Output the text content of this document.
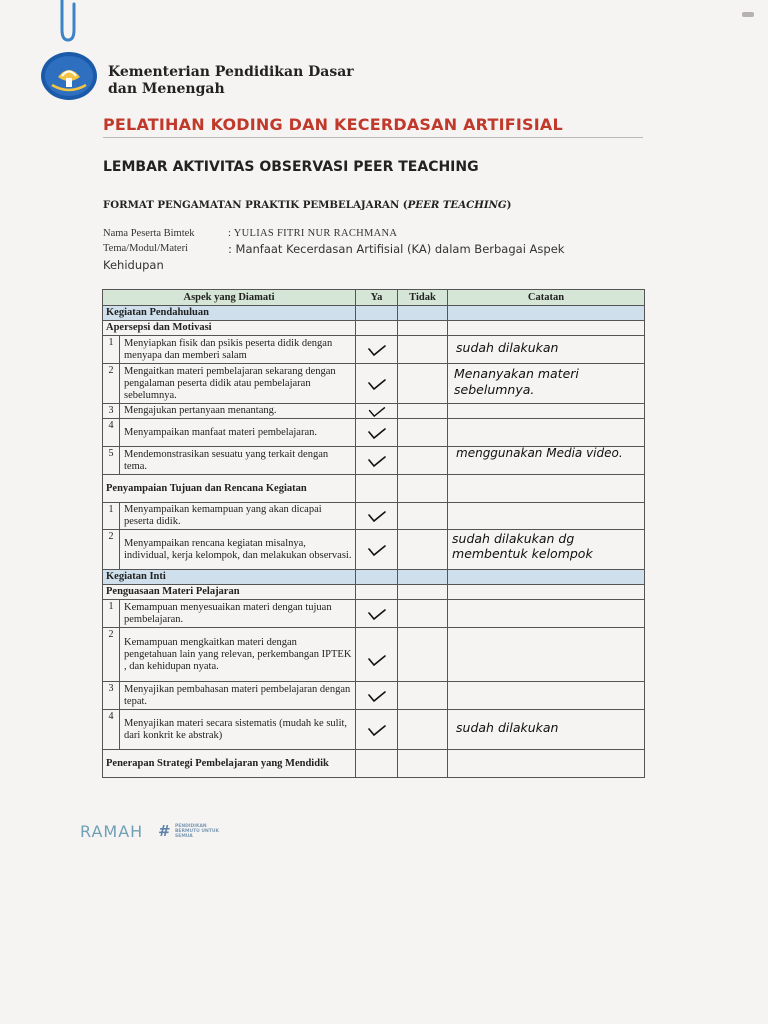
Kementerian Pendidikan Dasar
dan Menengah
PELATIHAN KODING DAN KECERDASAN ARTIFISIAL
LEMBAR AKTIVITAS OBSERVASI PEER TEACHING
FORMAT PENGAMATAN PRAKTIK PEMBELAJARAN (PEER TEACHING)
Nama Peserta Bimtek	: YULIAS FITRI NUR RACHMANA
Tema/Modul/Materi	: Manfaat Kecerdasan Artifisial (KA) dalam Berbagai Aspek
Kehidupan
Aspek yang Diamati		Ya	Tidak	Catatan
Kegiatan Pendahuluan				
Apersepsi dan Motivasi				
1	Menyiapkan fisik dan psikis peserta didik dengan menyapa dan memberi salam			sudah dilakukan

2	Mengaitkan materi pembelajaran sekarang dengan pengalaman peserta didik atau pembelajaran sebelumnya.			Menanyakan materi sebelumnya.

3	Mengajukan pertanyaan menantang.			

4	Menyampaikan manfaat materi pembelajaran.			

5	Mendemonstrasikan sesuatu yang terkait dengan tema.			menggunakan Media video.

Penyampaian Tujuan dan Rencana Kegiatan				
1	Menyampaikan kemampuan yang akan dicapai peserta didik.			

2	Menyampaikan rencana kegiatan misalnya, individual, kerja kelompok, dan melakukan observasi.			sudah dilakukan dg membentuk kelompok

Kegiatan Inti				
Penguasaan Materi Pelajaran				
1	Kemampuan menyesuaikan materi dengan tujuan pembelajaran.			

2	Kemampuan mengkaitkan materi dengan pengetahuan lain yang relevan, perkembangan IPTEK , dan kehidupan nyata.			

3	Menyajikan pembahasan materi pembelajaran dengan tepat.			

4	Menyajikan materi secara sistematis (mudah ke sulit, dari konkrit ke abstrak)			sudah dilakukan

Penerapan Strategi Pembelajaran yang Mendidik				
RAMAH # PENDIDIKAN BERMUTU UNTUK SEMUA
